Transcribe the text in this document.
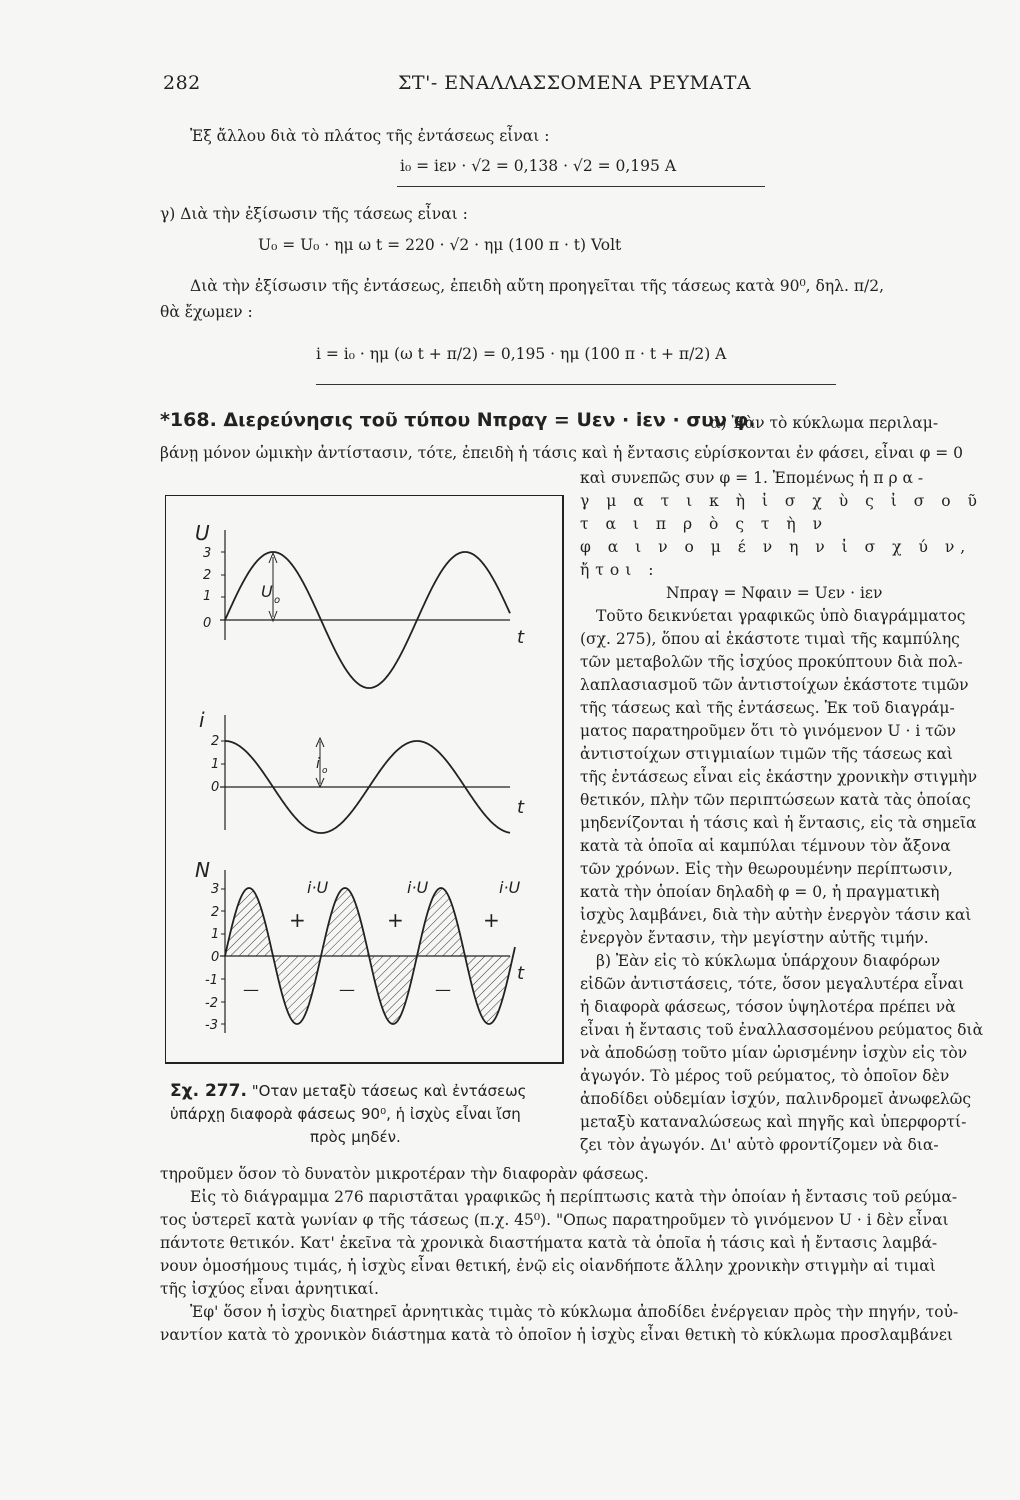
282	ΣΤ'- ΕΝΑΛΛΑΣΣΟΜΕΝΑ ΡΕΥΜΑΤΑ
Ἐξ ἄλλου διὰ τὸ πλάτος τῆς ἐντάσεως εἶναι :
i₀ = iεν · √2 = 0,138 · √2 = 0,195 A
γ) Διὰ τὴν ἐξίσωσιν τῆς τάσεως εἶναι :
U₀ = U₀ · ημ ω t = 220 · √2 · ημ (100 π · t) Volt
Διὰ τὴν ἐξίσωσιν τῆς ἐντάσεως, ἐπειδὴ αὔτη προηγεῖται τῆς τάσεως κατὰ 90⁰, δηλ. π/2,
θὰ ἔχωμεν :
i = i₀ · ημ (ω t + π/2) = 0,195 · ημ (100 π · t + π/2) A
*168. Διερεύνησις τοῦ τύπου Nπραγ = Uεν · iεν · συν φ.
α) Ἐὰν τὸ κύκλωμα περιλαμ-
βάνῃ μόνον ὠμικὴν ἀντίστασιν, τότε, ἐπειδὴ ἡ τάσις καὶ ἡ ἔντασις εὑρίσκονται ἐν φάσει, εἶναι φ = 0
καὶ συνεπῶς συν φ = 1. Ἑπομένως ἡ π ρ α -
γ μ α τ ι κ ὴ ἰ σ χ ὺ ς ἰ σ ο ῦ τ α ι π ρ ὸ ς τ ὴ ν
φ α ι ν ο μ έ ν η ν ἰ σ χ ύ ν, ἤτοι :
Nπραγ = Nφαιν = Uεν · iεν
Τοῦτο δεικνύεται γραφικῶς ὑπὸ διαγράμματος
(σχ. 275), ὅπου αἱ ἑκάστοτε τιμαὶ τῆς καμπύλης
τῶν μεταβολῶν τῆς ἰσχύος προκύπτουν διὰ πολ-
λαπλασιασμοῦ τῶν ἀντιστοίχων ἑκάστοτε τιμῶν
τῆς τάσεως καὶ τῆς ἐντάσεως. Ἐκ τοῦ διαγράμ-
ματος παρατηροῦμεν ὅτι τὸ γινόμενον U · i τῶν
ἀντιστοίχων στιγμιαίων τιμῶν τῆς τάσεως καὶ
τῆς ἐντάσεως εἶναι εἰς ἑκάστην χρονικὴν στιγμὴν
θετικόν, πλὴν τῶν περιπτώσεων κατὰ τὰς ὁποίας
μηδενίζονται ἡ τάσις καὶ ἡ ἔντασις, εἰς τὰ σημεῖα
κατὰ τὰ ὁποῖα αἱ καμπύλαι τέμνουν τὸν ἄξονα
τῶν χρόνων. Εἰς τὴν θεωρουμένην περίπτωσιν,
κατὰ τὴν ὁποίαν δηλαδὴ φ = 0, ἡ πραγματικὴ
ἰσχὺς λαμβάνει, διὰ τὴν αὐτὴν ἐνεργὸν τάσιν καὶ
ἐνεργὸν ἔντασιν, τὴν μεγίστην αὐτῆς τιμήν.
β) Ἐὰν εἰς τὸ κύκλωμα ὑπάρχουν διαφόρων
εἰδῶν ἀντιστάσεις, τότε, ὅσον μεγαλυτέρα εἶναι
ἡ διαφορὰ φάσεως, τόσον ὑψηλοτέρα πρέπει νὰ
εἶναι ἡ ἔντασις τοῦ ἐναλλασσομένου ρεύματος διὰ
νὰ ἀποδώσῃ τοῦτο μίαν ὡρισμένην ἰσχὺν εἰς τὸν
ἀγωγόν. Τὸ μέρος τοῦ ρεύματος, τὸ ὁποῖον δὲν
ἀποδίδει οὐδεμίαν ἰσχύν, παλινδρομεῖ ἀνωφελῶς
μεταξὺ καταναλώσεως καὶ πηγῆς καὶ ὑπερφορτί-
ζει τὸν ἀγωγόν. Δι' αὐτὸ φροντίζομεν νὰ δια-
U
3
2
1
0
U o
t
i
2
1
0
i o
t
N
3
2
1
0
-1
-2
-3
i·U	i·U	i·U
+	+	+
—	—	—
t
Σχ. 277. "Οταν μεταξὺ τάσεως καὶ ἐντάσεως
ὑπάρχῃ διαφορὰ φάσεως 90⁰, ἡ ἰσχὺς εἶναι ἴση
πρὸς μηδέν.
τηροῦμεν ὅσον τὸ δυνατὸν μικροτέραν τὴν διαφορὰν φάσεως.
Εἰς τὸ διάγραμμα 276 παριστᾶται γραφικῶς ἡ περίπτωσις κατὰ τὴν ὁποίαν ἡ ἔντασις τοῦ ρεύμα-
τος ὑστερεῖ κατὰ γωνίαν φ τῆς τάσεως (π.χ. 45⁰). "Οπως παρατηροῦμεν τὸ γινόμενον U · i δὲν εἶναι
πάντοτε θετικόν. Κατ' ἐκεῖνα τὰ χρονικὰ διαστήματα κατὰ τὰ ὁποῖα ἡ τάσις καὶ ἡ ἔντασις λαμβά-
νουν ὁμοσήμους τιμάς, ἡ ἰσχὺς εἶναι θετική, ἐνῷ εἰς οἱανδήποτε ἄλλην χρονικὴν στιγμὴν αἱ τιμαὶ
τῆς ἰσχύος εἶναι ἀρνητικαί.
Ἐφ' ὅσον ἡ ἰσχὺς διατηρεῖ ἀρνητικὰς τιμὰς τὸ κύκλωμα ἀποδίδει ἐνέργειαν πρὸς τὴν πηγήν, τοὐ-
ναντίον κατὰ τὸ χρονικὸν διάστημα κατὰ τὸ ὁποῖον ἡ ἰσχὺς εἶναι θετικὴ τὸ κύκλωμα προσλαμβάνει
